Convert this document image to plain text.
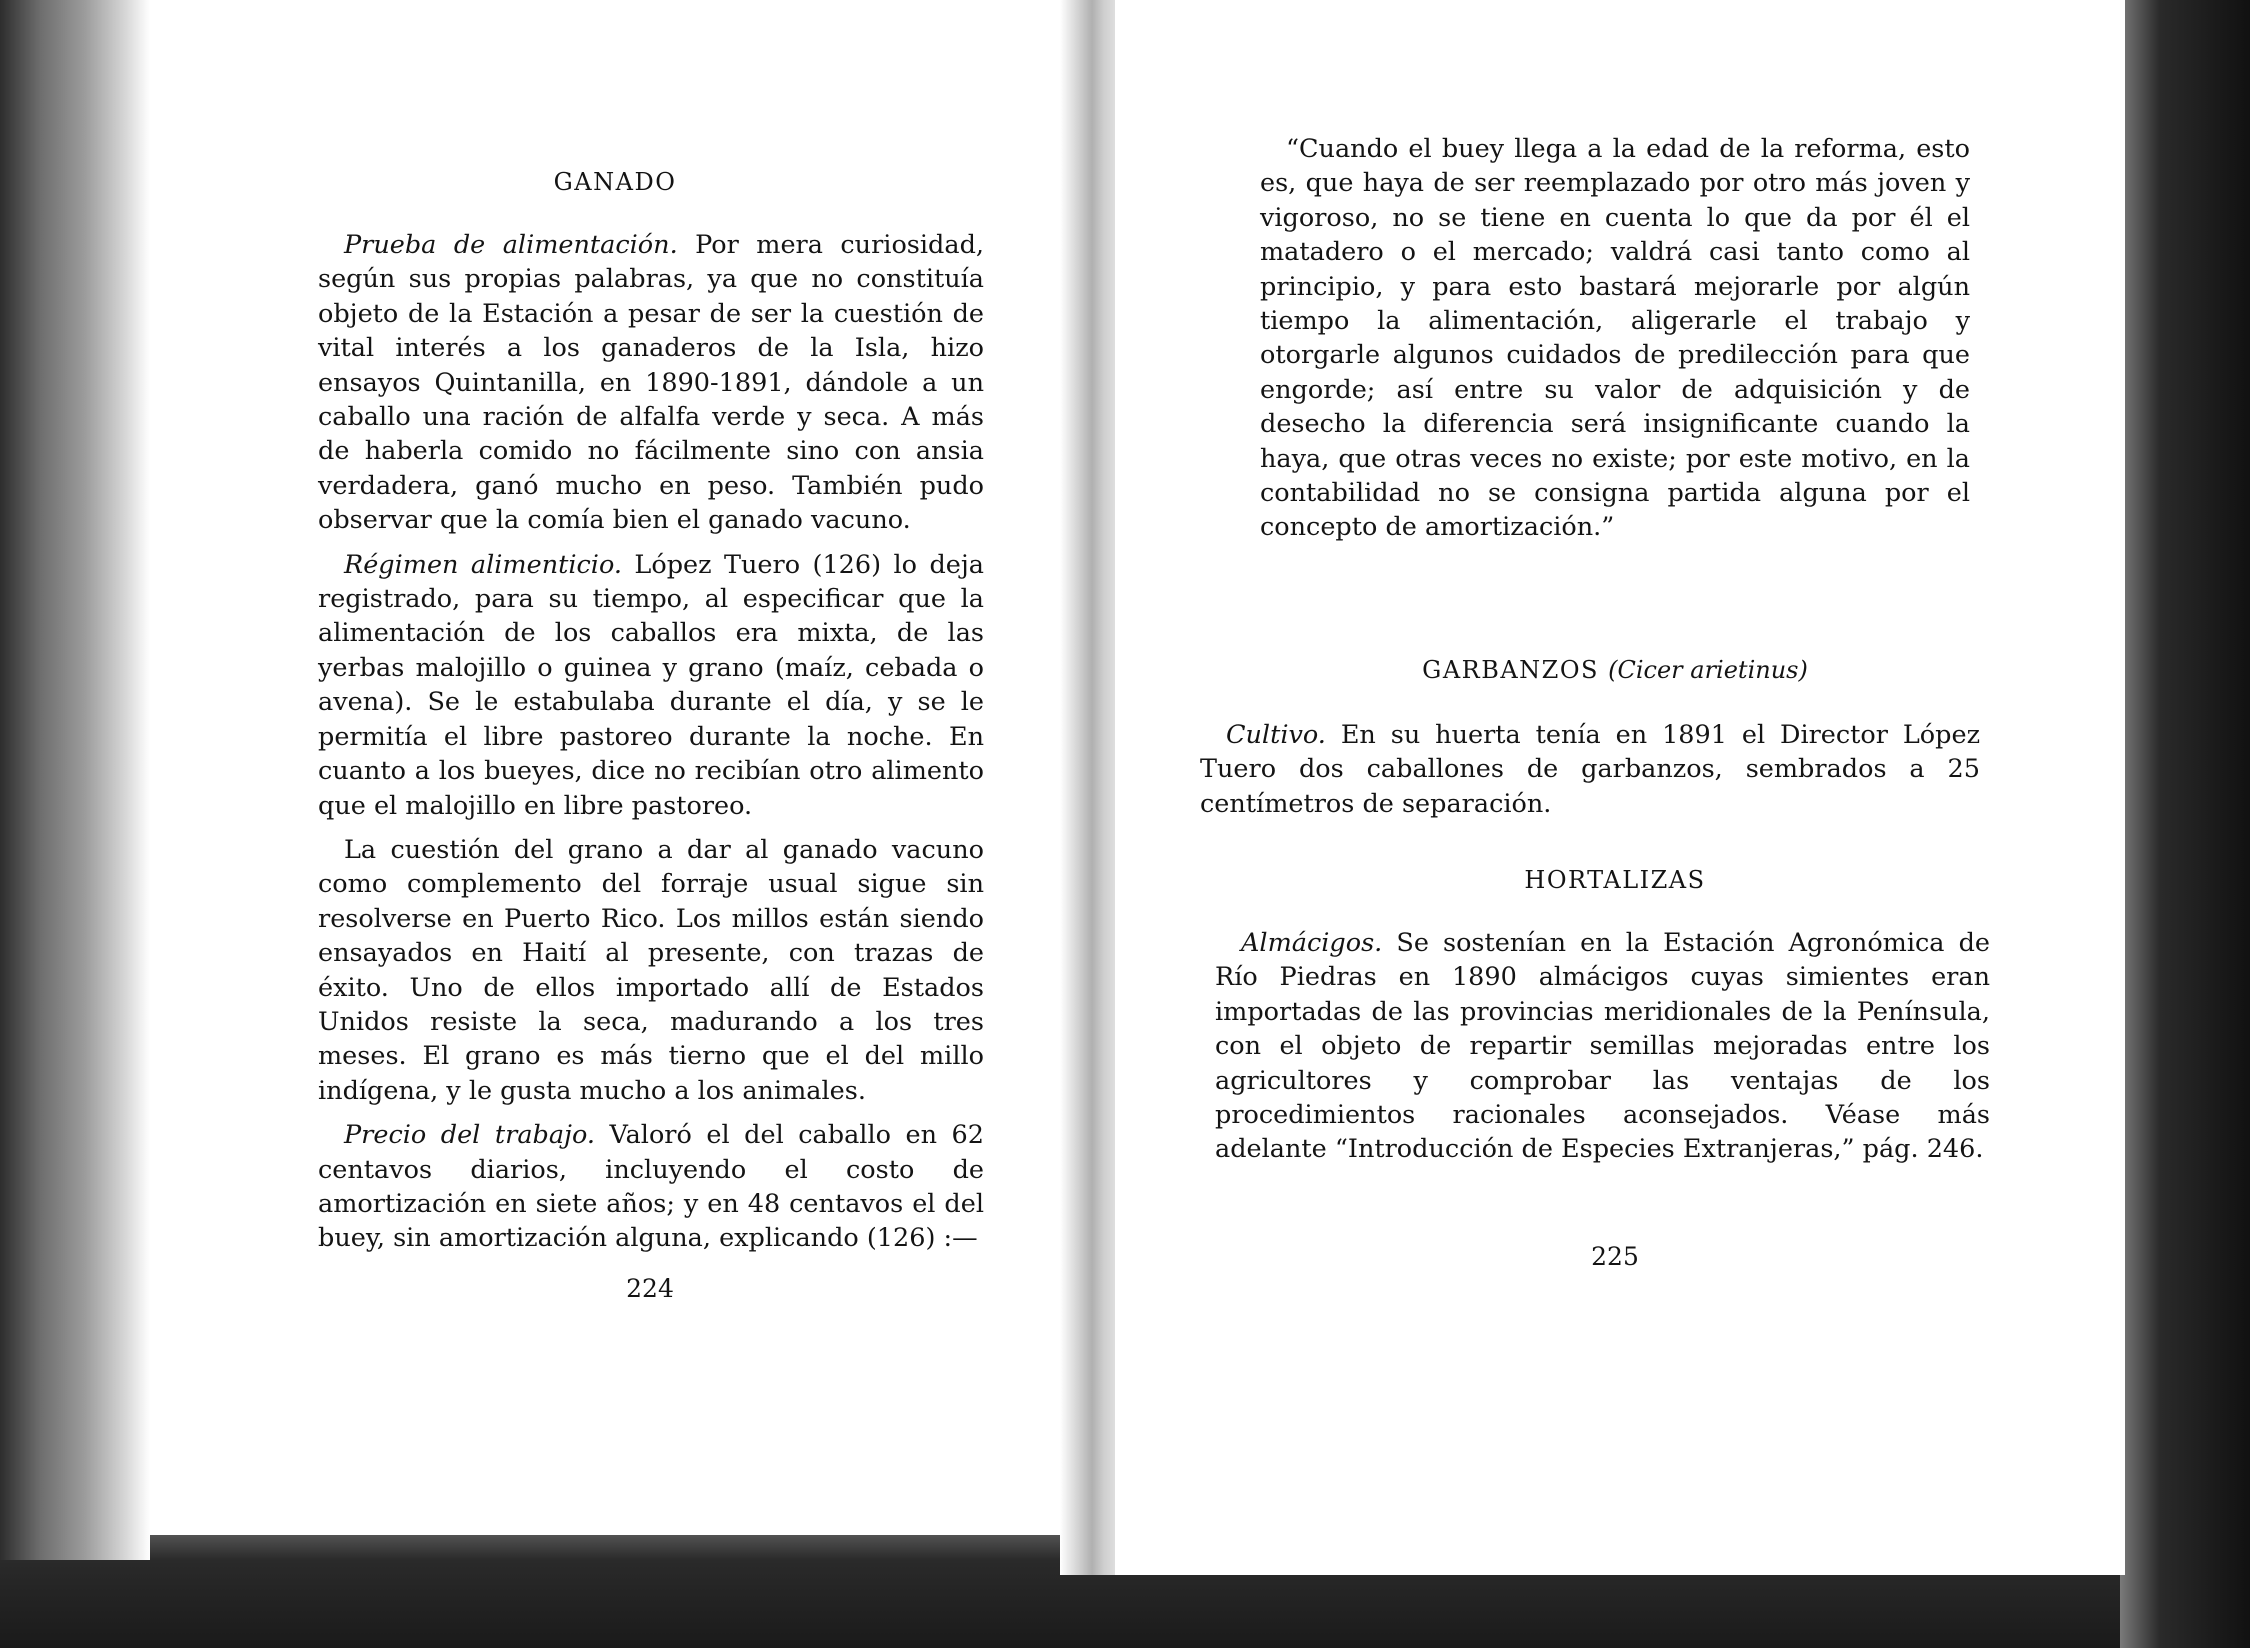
GANADO

Prueba de alimentación. Por mera curiosidad, según sus propias palabras, ya que no constituía objeto de la Estación a pesar de ser la cuestión de vital interés a los ganaderos de la Isla, hizo ensayos Quintanilla, en 1890-1891, dándole a un caballo una ración de alfalfa verde y seca. A más de haberla comido no fácilmente sino con ansia verdadera, ganó mucho en peso. También pudo observar que la comía bien el ganado vacuno.

Régimen alimenticio. López Tuero (126) lo deja registrado, para su tiempo, al especificar que la alimentación de los caballos era mixta, de las yerbas malojillo o guinea y grano (maíz, cebada o avena). Se le estabulaba durante el día, y se le permitía el libre pastoreo durante la noche. En cuanto a los bueyes, dice no recibían otro alimento que el malojillo en libre pastoreo.

La cuestión del grano a dar al ganado vacuno como complemento del forraje usual sigue sin resolverse en Puerto Rico. Los millos están siendo ensayados en Haití al presente, con trazas de éxito. Uno de ellos importado allí de Estados Unidos resiste la seca, madurando a los tres meses. El grano es más tierno que el del millo indígena, y le gusta mucho a los animales.

Precio del trabajo. Valoró el del caballo en 62 centavos diarios, incluyendo el costo de amortización en siete años; y en 48 centavos el del buey, sin amortización alguna, explicando (126) :—

224

“Cuando el buey llega a la edad de la reforma, esto es, que haya de ser reemplazado por otro más joven y vigoroso, no se tiene en cuenta lo que da por él el matadero o el mercado; valdrá casi tanto como al principio, y para esto bastará mejorarle por algún tiempo la alimentación, aligerarle el trabajo y otorgarle algunos cuidados de predilección para que engorde; así entre su valor de adquisición y de desecho la diferencia será insignificante cuando la haya, que otras veces no existe; por este motivo, en la contabilidad no se consigna partida alguna por el concepto de amortización.”

GARBANZOS (Cicer arietinus)

Cultivo. En su huerta tenía en 1891 el Director López Tuero dos caballones de garbanzos, sembrados a 25 centímetros de separación.

HORTALIZAS

Almácigos. Se sostenían en la Estación Agronómica de Río Piedras en 1890 almácigos cuyas simientes eran importadas de las provincias meridionales de la Península, con el objeto de repartir semillas mejoradas entre los agricultores y comprobar las ventajas de los procedimientos racionales aconsejados. Véase más adelante “Introducción de Especies Extranjeras,” pág. 246.

225
